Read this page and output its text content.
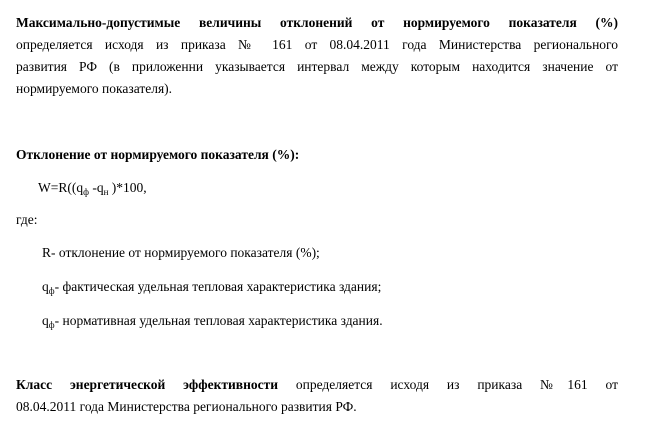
Максимально-допустимые величины отклонений от нормируемого показателя (%)

определяется исходя из приказа № 161 от 08.04.2011 года Министерства регионального

развития РФ (в приложенни указывается интервал между которым находится значение от

нормируемого показателя).

Отклонение от нормируемого показателя (%):

$W=R((q_ф$ $-q_н$ )*100,

где:

R- отклонение от нормируемого показателя (%);

$q_ф-$ фактическая удельная тепловая характеристика здания;

$q_ф-$ нормативная удельная тепловая характеристика здания.

Класс энергетической эффективности определяется исходя из приказа №161 от

08.04.2011 года Министерства регионального развития РФ.
